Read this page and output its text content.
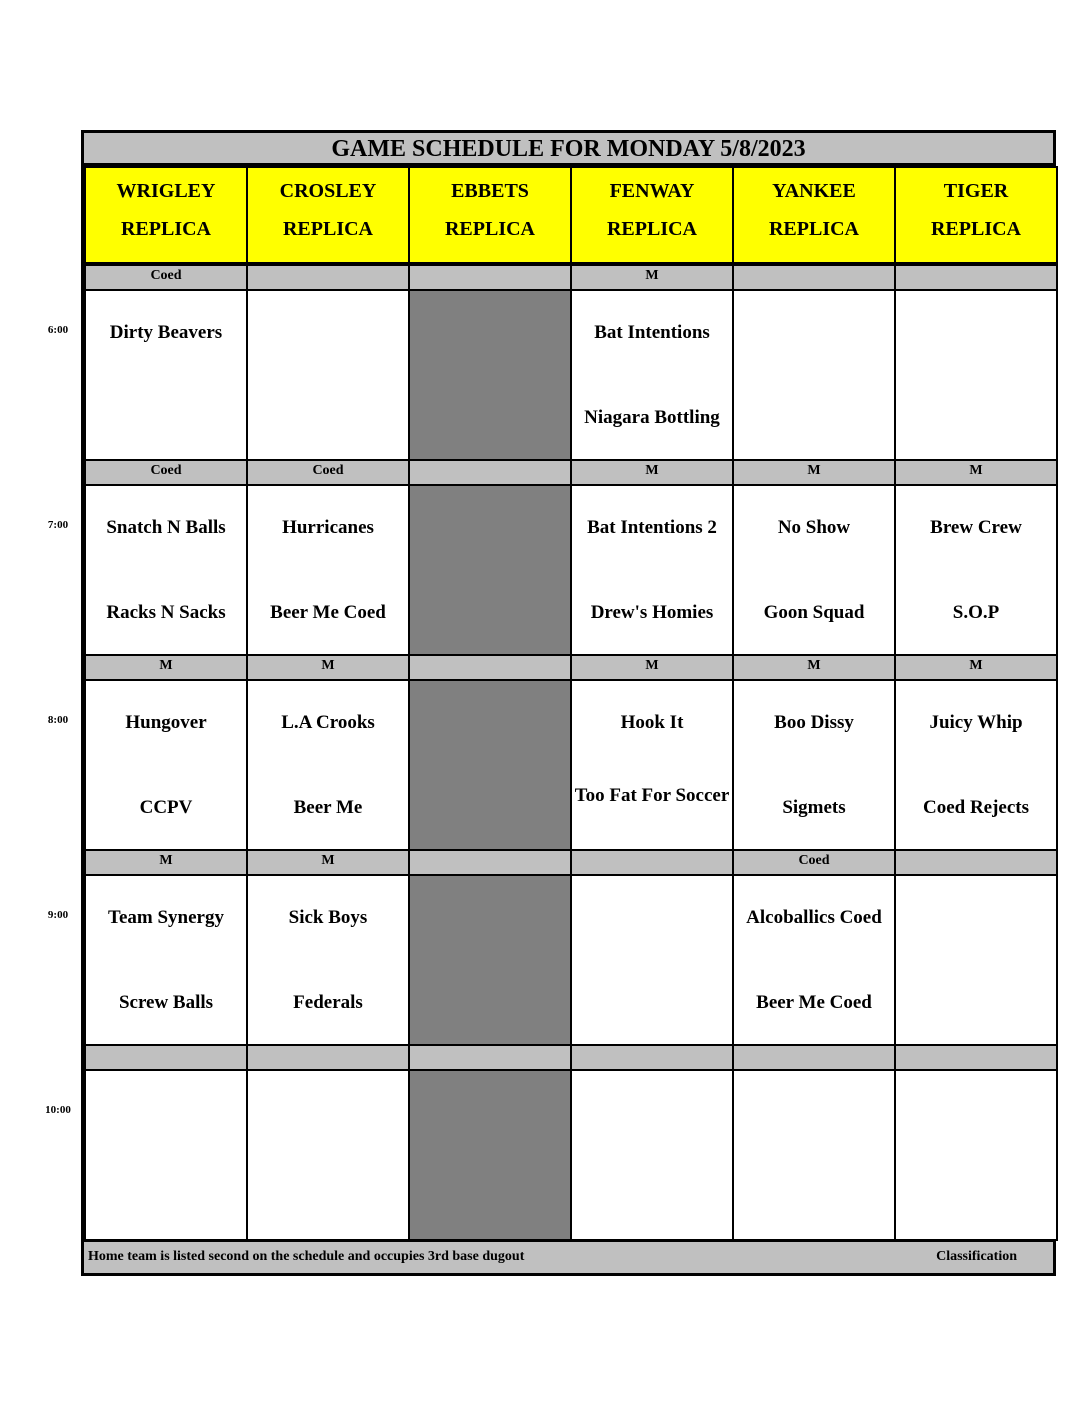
GAME SCHEDULE FOR MONDAY 5/8/2023
WRIGLEY
REPLICA
CROSLEY
REPLICA
EBBETS
REPLICA
FENWAY
REPLICA
YANKEE
REPLICA
TIGER
REPLICA
Coed
Dirty Beavers
M
Bat Intentions
Niagara Bottling
Coed
Snatch N Balls
Racks N Sacks
Coed
Hurricanes
Beer Me Coed
M
Bat Intentions 2
Drew's Homies
M
No Show
Goon Squad
M
Brew Crew
S.O.P
M
Hungover
CCPV
M
L.A Crooks
Beer Me
M
Hook It
Too Fat For Soccer
M
Boo Dissy
Sigmets
M
Juicy Whip
Coed Rejects
M
Team Synergy
Screw Balls
M
Sick Boys
Federals
Coed
Alcoballics Coed
Beer Me Coed
Home team is listed second on the schedule and occupies 3rd base dugout	Classification
6:00
7:00
8:00
9:00
10:00
